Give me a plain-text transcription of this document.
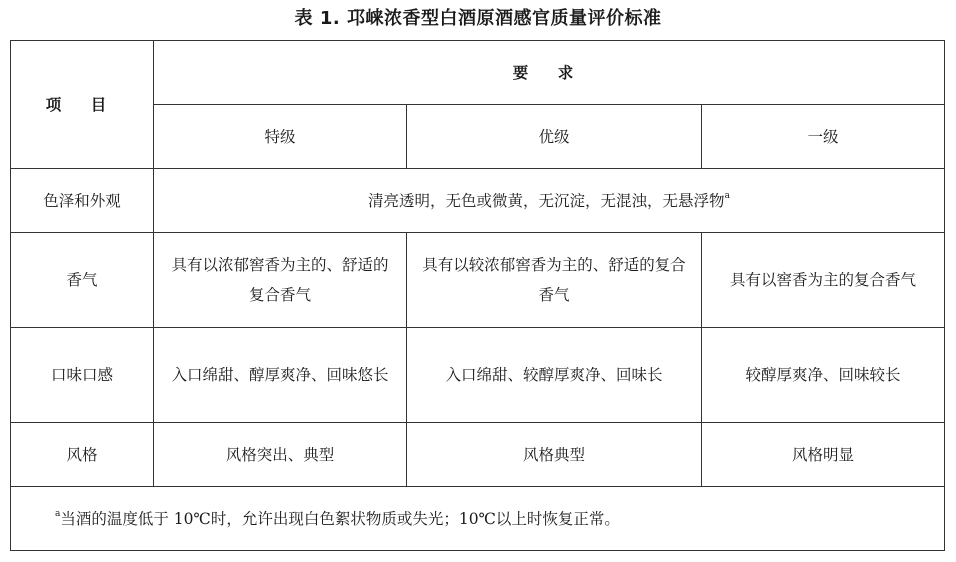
表 1. 邛崃浓香型白酒原酒感官质量评价标准
项 目	要 求		
	特级	优级	一级
色泽和外观	清亮透明，无色或微黄，无沉淀，无混浊，无悬浮物$^a$
香气	具有以浓郁窖香为主的、舒适的复合香气	具有以较浓郁窖香为主的、舒适的复合香气	具有以窖香为主的复合香气
口味口感	入口绵甜、醇厚爽净、回味悠长	入口绵甜、较醇厚爽净、回味长	较醇厚爽净、回味较长
风格	风格突出、典型	风格典型	风格明显
$^a$当酒的温度低于 10℃时，允许出现白色絮状物质或失光；10℃以上时恢复正常。			
